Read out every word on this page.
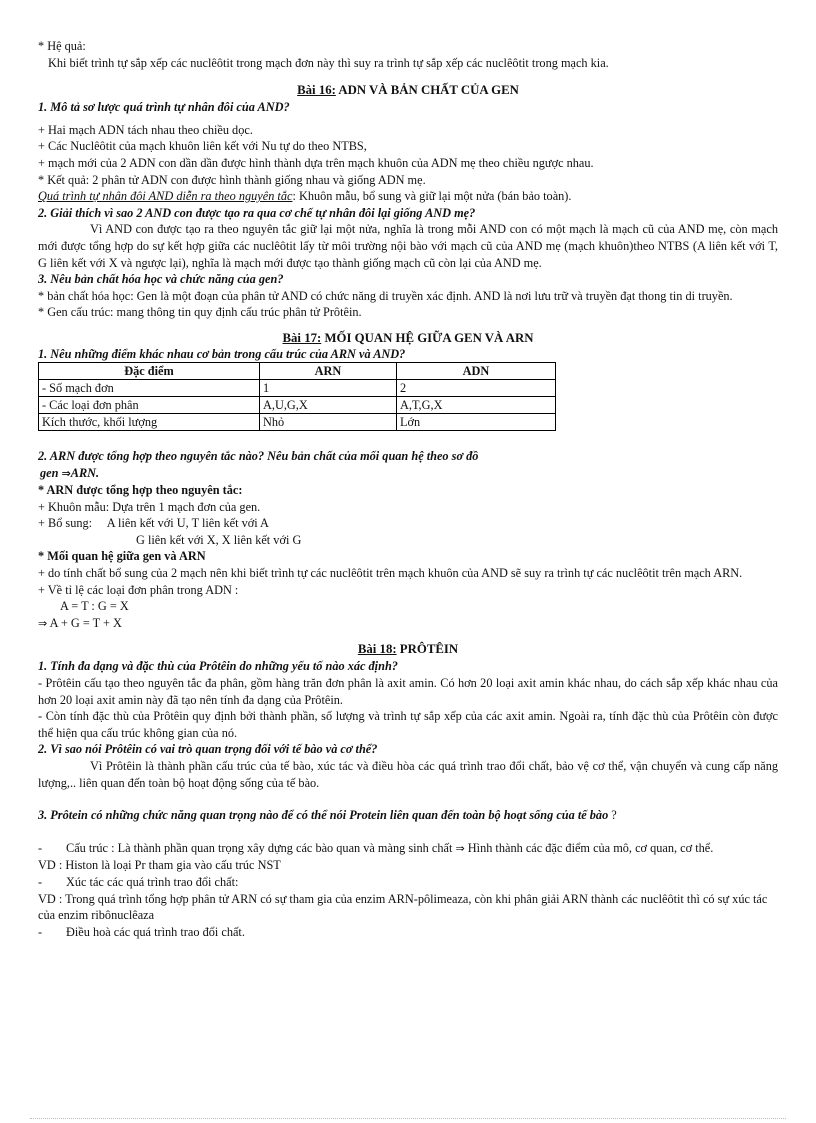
* Hệ quả:

Khi biết trình tự sắp xếp các nuclêôtit trong mạch đơn này thì suy ra trình tự sắp xếp các nuclêôtit trong mạch kia.

Bài 16: ADN VÀ BẢN CHẤT CỦA GEN

1. Mô tả sơ lược quá trình tự nhân đôi của AND?

+ Hai mạch ADN tách nhau theo chiều dọc.

+ Các Nuclêôtit của mạch khuôn liên kết với Nu tự do theo NTBS,

+ mạch mới của 2 ADN con dần dần được hình thành dựa trên mạch khuôn của ADN mẹ theo chiều ngược nhau.

* Kết quả: 2 phân tử ADN con được hình thành giống nhau và giống ADN mẹ.

Quá trình tự nhân đôi AND diễn ra theo nguyên tắc: Khuôn mẫu, bổ sung và giữ lại một nửa (bán bảo toàn).

2. Giải thích vì sao 2 AND con được tạo ra qua cơ chế tự nhân đôi lại giống AND mẹ?

Vì AND con được tạo ra theo nguyên tắc giữ lại một nửa, nghĩa là trong mỗi AND con có một mạch là mạch cũ của AND mẹ, còn mạch mới được tổng hợp do sự kết hợp giữa các nuclêôtit lấy từ môi trường nội bào với mạch cũ của AND mẹ (mạch khuôn)theo NTBS (A liên kết với T, G liên kết với X và ngược lại), nghĩa là mạch mới được tạo thành giống mạch cũ còn lại của AND mẹ.

3. Nêu bản chất hóa học và chức năng của gen?

* bản chất hóa học: Gen là một đoạn của phân tử AND có chức năng di truyền xác định. AND là nơi lưu trữ và truyền đạt thong tin di truyền.

* Gen cấu trúc: mang thông tin quy định cấu trúc phân tử Prôtêin.

Bài 17: MỐI QUAN HỆ GIỮA GEN VÀ ARN

1. Nêu những điểm khác nhau cơ bản trong cấu trúc của ARN và AND?

Đặc điểm	ARN	ADN
- Số mạch đơn	1	2
- Các loại đơn phân	A,U,G,X	A,T,G,X
Kích thước, khối lượng	Nhỏ	Lớn

2. ARN được tổng hợp theo nguyên tắc nào? Nêu bản chất của mối quan hệ theo sơ đồ

gen ⇒ARN.

* ARN được tổng hợp theo nguyên tắc:

+ Khuôn mẫu: Dựa trên 1 mạch đơn của gen.

+ Bổ sung:     A liên kết với U, T liên kết với A

G liên kết với X, X liên kết với G

* Mối quan hệ giữa gen và ARN

+ do tính chất bổ sung của 2 mạch nên khi biết trình tự các nuclêôtit trên mạch khuôn của AND sẽ suy ra trình tự các nuclêôtit trên mạch ARN.

+ Về tỉ lệ các loại đơn phân trong ADN :

A = T : G = X

⇒ A + G = T + X

Bài 18: PRÔTÊIN

1. Tính đa dạng và đặc thù của Prôtêin do những yếu tố nào xác định?

- Prôtêin cấu tạo theo nguyên tắc đa phân, gồm hàng trăn đơn phân là axit amin. Có hơn 20 loại axit amin khác nhau, do cách sắp xếp khác nhau của hơn 20 loại axit amin này đã tạo nên tính đa dạng của Prôtêin.

- Còn tính đặc thù của Prôtêin quy định bởi thành phần, số lượng và trình tự sắp xếp của các axit amin. Ngoài ra, tính đặc thù của Prôtêin còn được thể hiện qua cấu trúc không gian của nó.

2. Vì sao nói Prôtêin có vai trò quan trọng đối với tế bào và cơ thể?

Vì Prôtêin là thành phần cấu trúc của tế bào, xúc tác và điều hòa các quá trình trao đổi chất, bảo vệ cơ thể, vận chuyển và cung cấp năng lượng,.. liên quan đến toàn bộ hoạt động sống của tế bào.

3. Prôtein có những chức năng quan trọng nào để có thể nói Protein liên quan đến toàn bộ hoạt sống của tế bào ?

-	Cấu trúc : Là thành phần quan trọng xây dựng các bào quan và màng sinh chất ⇒ Hình thành các đặc điểm của mô, cơ quan, cơ thể.

VD : Histon là loại Pr tham gia vào cấu trúc NST

-	Xúc tác các quá trình trao đổi chất:

VD : Trong quá trình tổng hợp phân tử ARN có sự tham gia của enzim ARN-pôlimeaza, còn khi phân giải ARN thành các nuclêôtit thì có sự xúc tác của enzim ribônuclêaza

-	Điều hoà các quá trình trao đổi chất.
